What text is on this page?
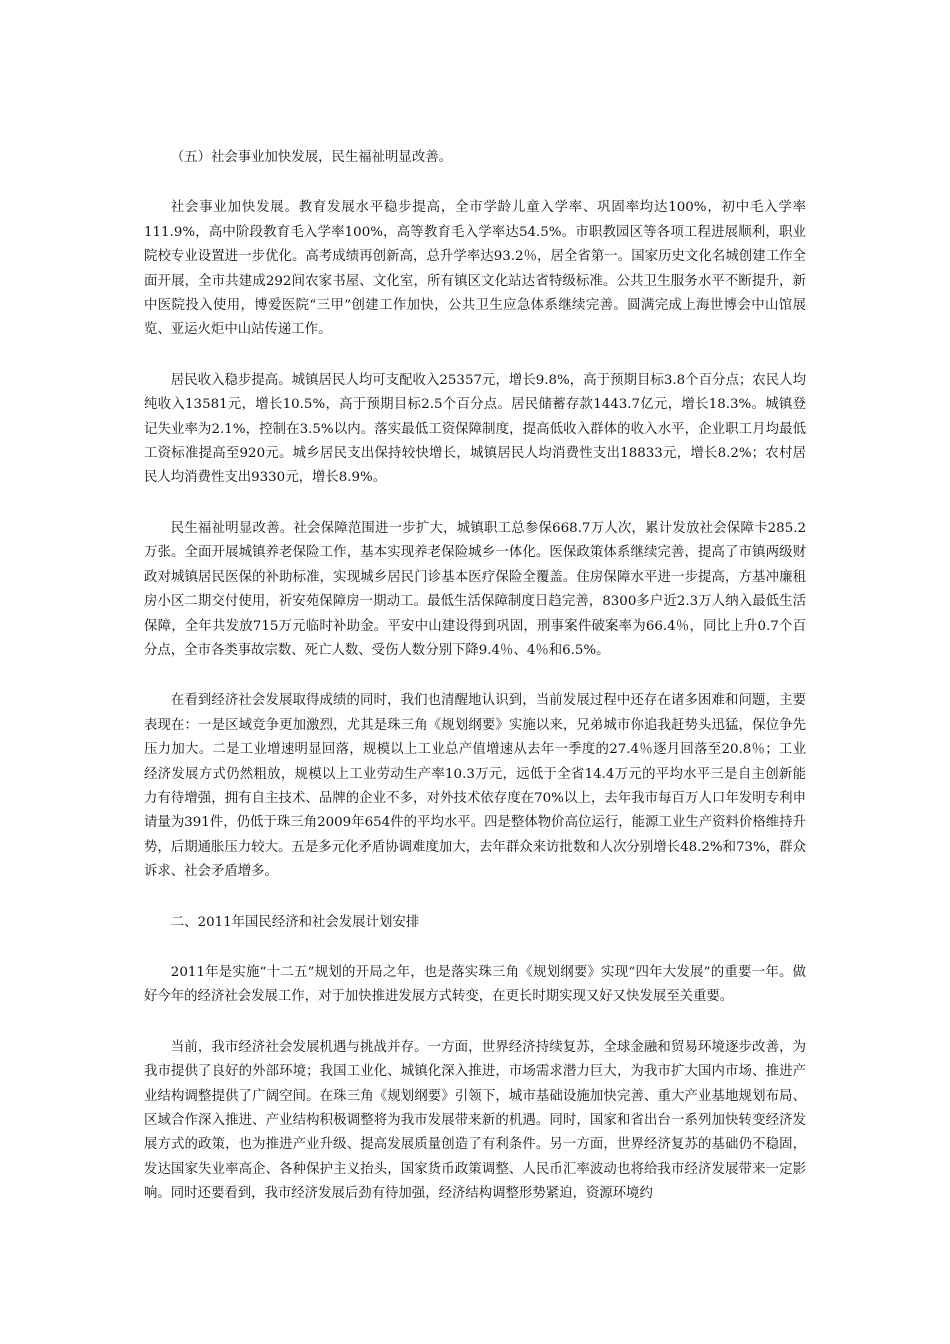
（五）社会事业加快发展，民生福祉明显改善。

社会事业加快发展。教育发展水平稳步提高，全市学龄儿童入学率、巩固率均达100%，初中毛入学率111.9%，高中阶段教育毛入学率100%，高等教育毛入学率达54.5%。市职教园区等各项工程进展顺利，职业院校专业设置进一步优化。高考成绩再创新高，总升学率达93.2％，居全省第一。国家历史文化名城创建工作全面开展，全市共建成292间农家书屋、文化室，所有镇区文化站达省特级标准。公共卫生服务水平不断提升，新中医院投入使用，博爱医院“三甲”创建工作加快，公共卫生应急体系继续完善。圆满完成上海世博会中山馆展览、亚运火炬中山站传递工作。

居民收入稳步提高。城镇居民人均可支配收入25357元，增长9.8%，高于预期目标3.8个百分点；农民人均纯收入13581元，增长10.5%，高于预期目标2.5个百分点。居民储蓄存款1443.7亿元，增长18.3%。城镇登记失业率为2.1%，控制在3.5%以内。落实最低工资保障制度，提高低收入群体的收入水平，企业职工月均最低工资标准提高至920元。城乡居民支出保持较快增长，城镇居民人均消费性支出18833元，增长8.2%；农村居民人均消费性支出9330元，增长8.9%。

民生福祉明显改善。社会保障范围进一步扩大，城镇职工总参保668.7万人次，累计发放社会保障卡285.2万张。全面开展城镇养老保险工作，基本实现养老保险城乡一体化。医保政策体系继续完善，提高了市镇两级财政对城镇居民医保的补助标准，实现城乡居民门诊基本医疗保险全覆盖。住房保障水平进一步提高，方基冲廉租房小区二期交付使用，祈安苑保障房一期动工。最低生活保障制度日趋完善，8300多户近2.3万人纳入最低生活保障，全年共发放715万元临时补助金。平安中山建设得到巩固，刑事案件破案率为66.4％，同比上升0.7个百分点，全市各类事故宗数、死亡人数、受伤人数分别下降9.4％、4％和6.5%。

在看到经济社会发展取得成绩的同时，我们也清醒地认识到，当前发展过程中还存在诸多困难和问题，主要表现在：一是区域竞争更加激烈，尤其是珠三角《规划纲要》实施以来，兄弟城市你追我赶势头迅猛，保位争先压力加大。二是工业增速明显回落，规模以上工业总产值增速从去年一季度的27.4％逐月回落至20.8％；工业经济发展方式仍然粗放，规模以上工业劳动生产率10.3万元，远低于全省14.4万元的平均水平三是自主创新能力有待增强，拥有自主技术、品牌的企业不多，对外技术依存度在70%以上，去年我市每百万人口年发明专利申请量为391件，仍低于珠三角2009年654件的平均水平。四是整体物价高位运行，能源工业生产资料价格维持升势，后期通胀压力较大。五是多元化矛盾协调难度加大，去年群众来访批数和人次分别增长48.2%和73%，群众诉求、社会矛盾增多。

二、2011年国民经济和社会发展计划安排

2011年是实施“十二五”规划的开局之年，也是落实珠三角《规划纲要》实现“四年大发展”的重要一年。做好今年的经济社会发展工作，对于加快推进发展方式转变，在更长时期实现又好又快发展至关重要。

当前，我市经济社会发展机遇与挑战并存。一方面，世界经济持续复苏，全球金融和贸易环境逐步改善，为我市提供了良好的外部环境；我国工业化、城镇化深入推进，市场需求潜力巨大，为我市扩大国内市场、推进产业结构调整提供了广阔空间。在珠三角《规划纲要》引领下，城市基础设施加快完善、重大产业基地规划布局、区域合作深入推进、产业结构积极调整将为我市发展带来新的机遇。同时，国家和省出台一系列加快转变经济发展方式的政策，也为推进产业升级、提高发展质量创造了有利条件。另一方面，世界经济复苏的基础仍不稳固，发达国家失业率高企、各种保护主义抬头，国家货币政策调整、人民币汇率波动也将给我市经济发展带来一定影响。同时还要看到，我市经济发展后劲有待加强，经济结构调整形势紧迫，资源环境约
